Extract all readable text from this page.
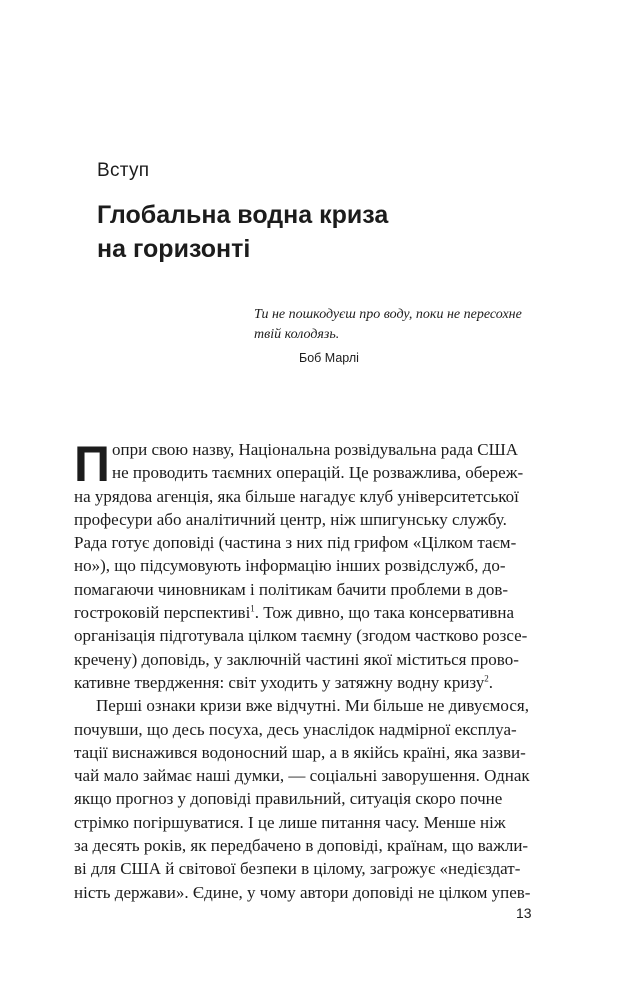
Вступ
Глобальна водна криза
на горизонті

Ти не пошкодуєш про воду, поки не пересохне
твій колодязь.

Боб Марлі
П опри свою назву, Національна розвідувальна рада США
не проводить таємних операцій. Це розважлива, обереж-
на урядова агенція, яка більше нагадує клуб університетської
професури або аналітичний центр, ніж шпигунську службу.
Рада готує доповіді (частина з них під грифом «Цілком таєм-
но»), що підсумовують інформацію інших розвідслужб, до-
помагаючи чиновникам і політикам бачити проблеми в дов-
гостроковій перспективі$^1$. Тож дивно, що така консервативна
організація підготувала цілком таємну (згодом частково розсе-
кречену) доповідь, у заключній частині якої міститься прово-
кативне твердження: світ уходить у затяжну водну кризу$^2$.
Перші ознаки кризи вже відчутні. Ми більше не дивуємося,
почувши, що десь посуха, десь унаслідок надмірної експлуа-
тації виснажився водоносний шар, а в якійсь країні, яка зазви-
чай мало займає наші думки, — соціальні заворушення. Однак
якщо прогноз у доповіді правильний, ситуація скоро почне
стрімко погіршуватися. І це лише питання часу. Менше ніж
за десять років, як передбачено в доповіді, країнам, що важли-
ві для США й світової безпеки в цілому, загрожує «недієздат-
ність держави». Єдине, у чому автори доповіді не цілком упев-
13
